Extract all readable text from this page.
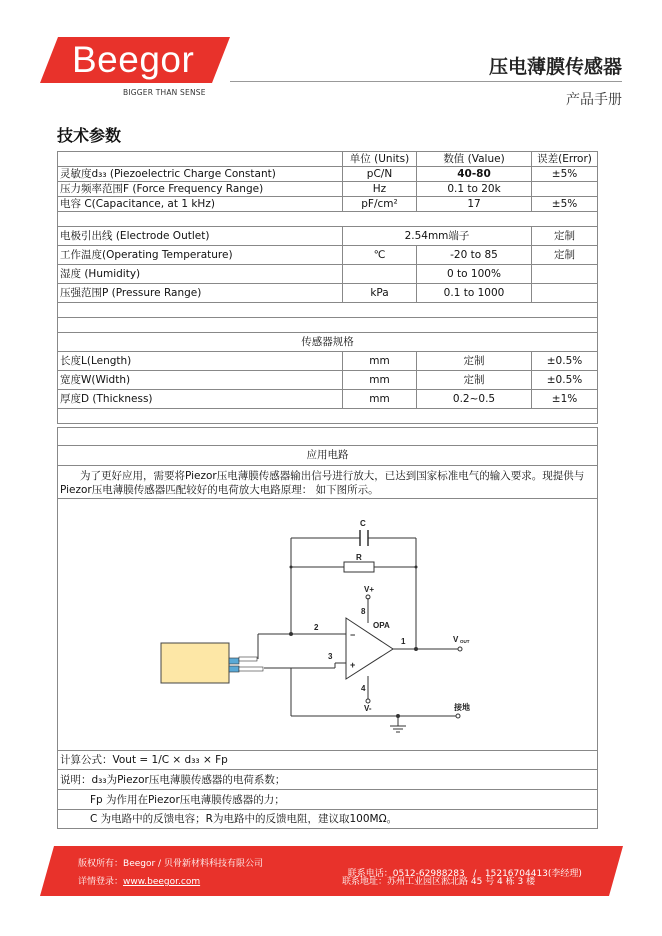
Beegor
BIGGER THAN SENSE
压电薄膜传感器
产品手册
技术参数
	单位 (Units)	数值 (Value)	误差(Error)
灵敏度d₃₃ (Piezoelectric Charge Constant)	pC/N	40-80	±5%
压力频率范围F (Force Frequency Range)	Hz	0.1 to 20k	
电容 C(Capacitance, at 1 kHz)	pF/cm²	17	±5%

电极引出线 (Electrode Outlet)	2.54mm端子		定制
工作温度(Operating Temperature)	℃	-20 to 85	定制
湿度 (Humidity)		0 to 100%	
压强范围P (Pressure Range)	kPa	0.1 to 1000	

传感器规格			
长度L(Length)	mm	定制	±0.5%
宽度W(Width)	mm	定制	±0.5%
厚度D (Thickness)	mm	0.2~0.5	±1%

应用电路
为了更好应用，需要将Piezor压电薄膜传感器输出信号进行放大，已达到国家标准电气的输入要求。现提供与Piezor压电薄膜传感器匹配较好的电荷放大电路原理： 如下图所示。
C
R
V+
8
OPA
2
3
1
4
V-
V OUT
接地
−
+
计算公式：Vout = 1/C × d₃₃ × Fp
说明：d₃₃为Piezor压电薄膜传感器的电荷系数；
Fp 为作用在Piezor压电薄膜传感器的力；
C 为电路中的反馈电容；R为电路中的反馈电阻，建议取100MΩ。
版权所有：Beegor / 贝骨新材料科技有限公司
详情登录：www.beegor.com

联系电话：0512-62988283   /   15216704413(李经理)

联系地址：苏州工业园区淞北路 45 号 4 栋 3 楼
